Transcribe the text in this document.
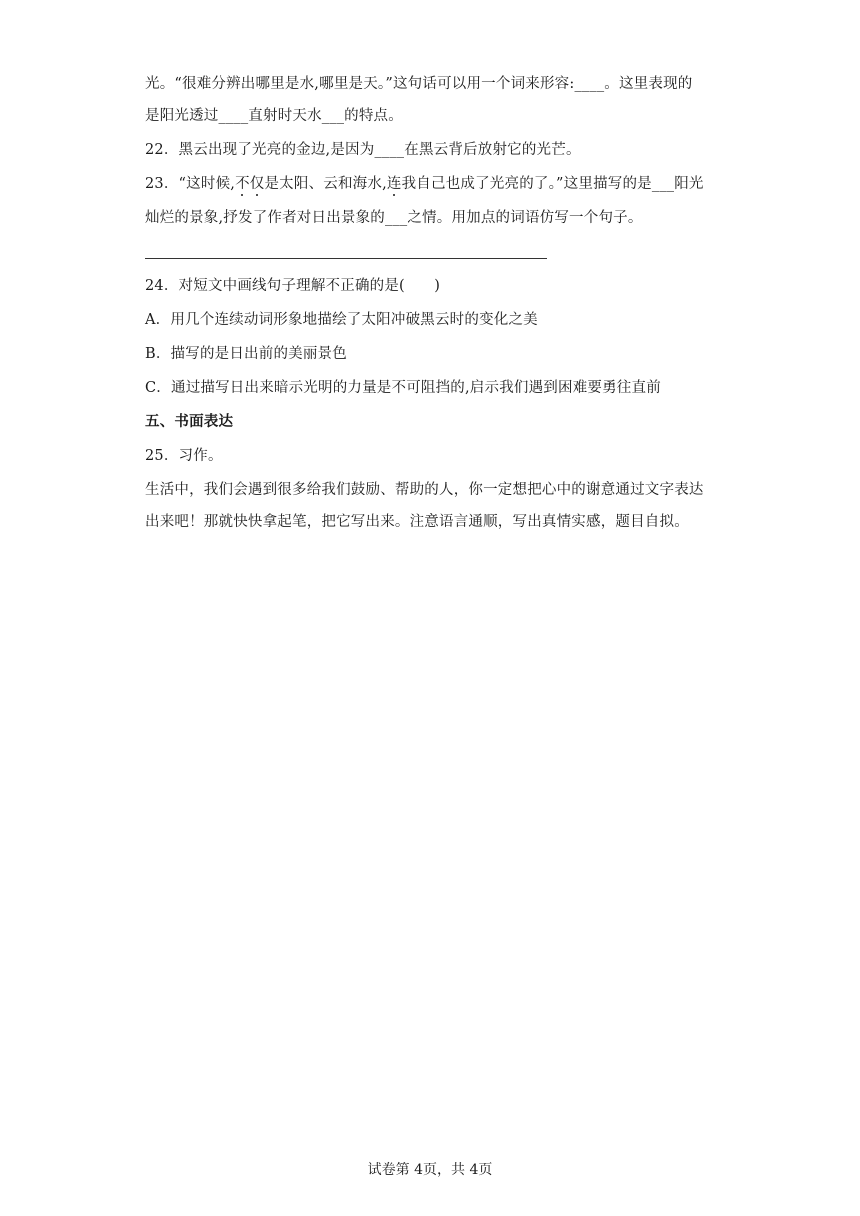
光。“很难分辨出哪里是水,哪里是天。”这句话可以用一个词来形容:____。这里表现的
是阳光透过____直射时天水___的特点。
22．黑云出现了光亮的金边,是因为____在黑云背后放射它的光芒。
23．“这时候,不仅是太阳、云和海水,连我自己也成了光亮的了。”这里描写的是___阳光
灿烂的景象,抒发了作者对日出景象的___之情。用加点的词语仿写一个句子。
24．对短文中画线句子理解不正确的是(　　)
A．用几个连续动词形象地描绘了太阳冲破黑云时的变化之美
B．描写的是日出前的美丽景色
C．通过描写日出来暗示光明的力量是不可阻挡的,启示我们遇到困难要勇往直前
五、书面表达
25．习作。
生活中，我们会遇到很多给我们鼓励、帮助的人，你一定想把心中的谢意通过文字表达
出来吧！那就快快拿起笔，把它写出来。注意语言通顺，写出真情实感，题目自拟。
试卷第 4页，共 4页
